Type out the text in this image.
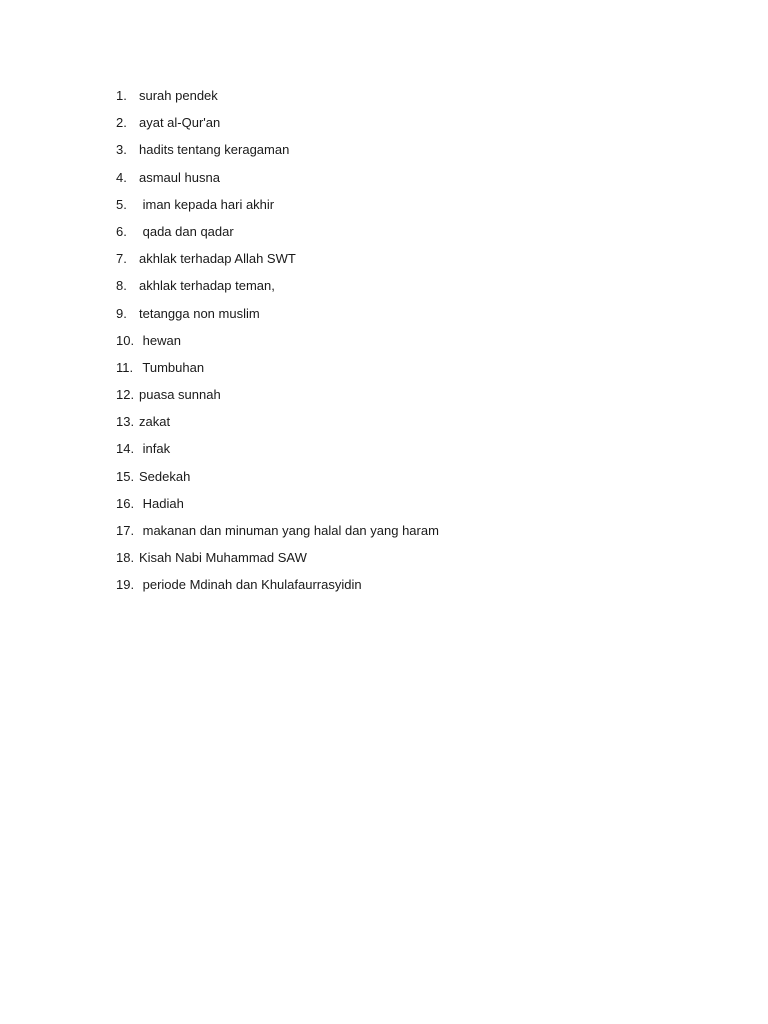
1. surah pendek
2. ayat al-Qur'an
3. hadits tentang keragaman
4. asmaul husna
5. iman kepada hari akhir
6. qada dan qadar
7. akhlak terhadap Allah SWT
8. akhlak terhadap teman,
9. tetangga non muslim
10. hewan
11. Tumbuhan
12. puasa sunnah
13. zakat
14. infak
15. Sedekah
16. Hadiah
17. makanan dan minuman yang halal dan yang haram
18. Kisah Nabi Muhammad SAW
19. periode Mdinah dan Khulafaurrasyidin
